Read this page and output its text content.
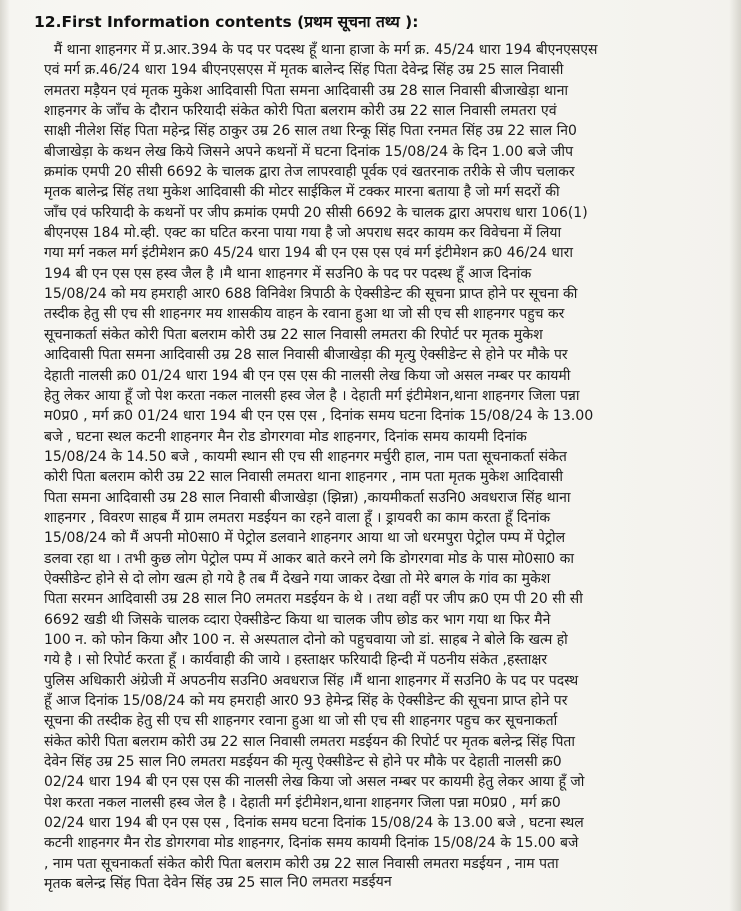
12.First Information contents (प्रथम सूचना तथ्य ):
मैं थाना शाहनगर में प्र.आर.394 के पद पर पदस्थ हूँ थाना हाजा के मर्ग क्र. 45/24 धारा 194 बीएनएसएस
एवं मर्ग क्र.46/24 धारा 194 बीएनएसएस में मृतक बालेन्द सिंह पिता देवेन्द्र सिंह उम्र 25 साल निवासी
लमतरा मड़ैयन एवं मृतक मुकेश आदिवासी पिता समना आदिवासी उम्र 28 साल निवासी बीजाखेड़ा थाना
शाहनगर के जाँच के दौरान फरियादी संकेत कोरी पिता बलराम कोरी उम्र 22 साल निवासी लमतरा एवं
साक्षी नीलेश सिंह पिता महेन्द्र सिंह ठाकुर उम्र 26 साल तथा रिन्कू सिंह पिता रनमत सिंह उम्र 22 साल नि0
बीजाखेड़ा के कथन लेख किये जिसने अपने कथनों में घटना दिनांक 15/08/24 के दिन 1.00 बजे जीप
क्रमांक एमपी 20 सीसी 6692 के चालक द्वारा तेज लापरवाही पूर्वक एवं खतरनाक तरीके से जीप चलाकर
मृतक बालेन्द्र सिंह तथा मुकेश आदिवासी की मोटर साईकिल में टक्कर मारना बताया है जो मर्ग सदरों की
जाँच एवं फरियादी के कथनों पर जीप क्रमांक एमपी 20 सीसी 6692 के चालक द्वारा अपराध धारा 106(1)
बीएनएस 184 मो.व्ही. एक्ट का घटित करना पाया गया है जो अपराध सदर कायम कर विवेचना में लिया
गया मर्ग नकल मर्ग इंटीमेशन क्र0 45/24 धारा 194 बी एन एस एस एवं मर्ग इंटीमेशन क्र0 46/24 धारा
194 बी एन एस एस हस्व जैल है ।मै थाना शाहनगर में सउनि0 के पद पर पदस्थ हूँ आज दिनांक
15/08/24 को मय हमराही आर0 688 विनिवेश त्रिपाठी के ऐक्सीडेन्ट की सूचना प्राप्त होने पर सूचना की
तस्दीक हेतु सी एच सी शाहनगर मय शासकीय वाहन के रवाना हुआ था जो सी एच सी शाहनगर पहुच कर
सूचनाकर्ता संकेत कोरी पिता बलराम कोरी उम्र 22 साल निवासी लमतरा की रिपोर्ट पर मृतक मुकेश
आदिवासी पिता समना आदिवासी उम्र 28 साल निवासी बीजाखेड़ा की मृत्यु ऐक्सीडेन्ट से होने पर मौके पर
देहाती नालसी क्र0 01/24 धारा 194 बी एन एस एस की नालसी लेख किया जो असल नम्बर पर कायमी
हेतु लेकर आया हूँ जो पेश करता नकल नालसी हस्व जेल है । देहाती मर्ग इंटीमेशन,थाना शाहनगर जिला पन्ना
म0प्र0 , मर्ग क्र0 01/24 धारा 194 बी एन एस एस , दिनांक समय घटना दिनांक 15/08/24 के 13.00
बजे , घटना स्थल कटनी शाहनगर मैन रोड डोगरगवा मोड शाहनगर, दिनांक समय कायमी दिनांक
15/08/24 के 14.50 बजे , कायमी स्थान सी एच सी शाहनगर मर्चुरी हाल, नाम पता सूचनाकर्ता संकेत
कोरी पिता बलराम कोरी उम्र 22 साल निवासी लमतरा थाना शाहनगर , नाम पता मृतक मुकेश आदिवासी
पिता समना आदिवासी उम्र 28 साल निवासी बीजाखेड़ा (झिन्ना) ,कायमीकर्ता सउनि0 अवधराज सिंह थाना
शाहनगर , विवरण साहब मैं ग्राम लमतरा मडईयन का रहने वाला हूँ । ड्रायवरी का काम करता हूँ दिनांक
15/08/24 को मैं अपनी मो0सा0 में पेट्रोल डलवाने शाहनगर आया था जो धरमपुरा पेट्रोल पम्प में पेट्रोल
डलवा रहा था । तभी कुछ लोग पेट्रोल पम्प में आकर बाते करने लगे कि डोगरगवा मोड के पास मो0सा0 का
ऐक्सीडेन्ट होने से दो लोग खत्म हो गये है तब मैं देखने गया जाकर देखा तो मेरे बगल के गांव का मुकेश
पिता सरमन आदिवासी उम्र 28 साल नि0 लमतरा मडईयन के थे । तथा वहीं पर जीप क्र0 एम पी 20 सी सी
6692 खडी थी जिसके चालक व्दारा ऐक्सीडेन्ट किया था चालक जीप छोड कर भाग गया था फिर मैने
100 न. को फोन किया और 100 न. से अस्पताल दोनो को पहुचवाया जो डां. साहब ने बोले कि खत्म हो
गये है । सो रिपोर्ट करता हूँ । कार्यवाही की जाये । हस्ताक्षर फरियादी हिन्दी में पठनीय संकेत ,हस्ताक्षर
पुलिस अधिकारी अंग्रेजी में अपठनीय सउनि0 अवधराज सिंह ।मैं थाना शाहनगर में सउनि0 के पद पर पदस्थ
हूँ आज दिनांक 15/08/24 को मय हमराही आर0 93 हेमेन्द्र सिंह के ऐक्सीडेन्ट की सूचना प्राप्त होने पर
सूचना की तस्दीक हेतु सी एच सी शाहनगर रवाना हुआ था जो सी एच सी शाहनगर पहुच कर सूचनाकर्ता
संकेत कोरी पिता बलराम कोरी उम्र 22 साल निवासी लमतरा मडईयन की रिपोर्ट पर मृतक बलेन्द्र सिंह पिता
देवेन सिंह उम्र 25 साल नि0 लमतरा मडईयन की मृत्यु ऐक्सीडेन्ट से होने पर मौके पर देहाती नालसी क्र0
02/24 धारा 194 बी एन एस एस की नालसी लेख किया जो असल नम्बर पर कायमी हेतु लेकर आया हूँ जो
पेश करता नकल नालसी हस्व जेल है । देहाती मर्ग इंटीमेशन,थाना शाहनगर जिला पन्ना म0प्र0 , मर्ग क्र0
02/24 धारा 194 बी एन एस एस , दिनांक समय घटना दिनांक 15/08/24 के 13.00 बजे , घटना स्थल
कटनी शाहनगर मैन रोड डोगरगवा मोड शाहनगर, दिनांक समय कायमी दिनांक 15/08/24 के 15.00 बजे
, नाम पता सूचनाकर्ता संकेत कोरी पिता बलराम कोरी उम्र 22 साल निवासी लमतरा मडईयन , नाम पता
मृतक बलेन्द्र सिंह पिता देवेन सिंह उम्र 25 साल नि0 लमतरा मडईयन
